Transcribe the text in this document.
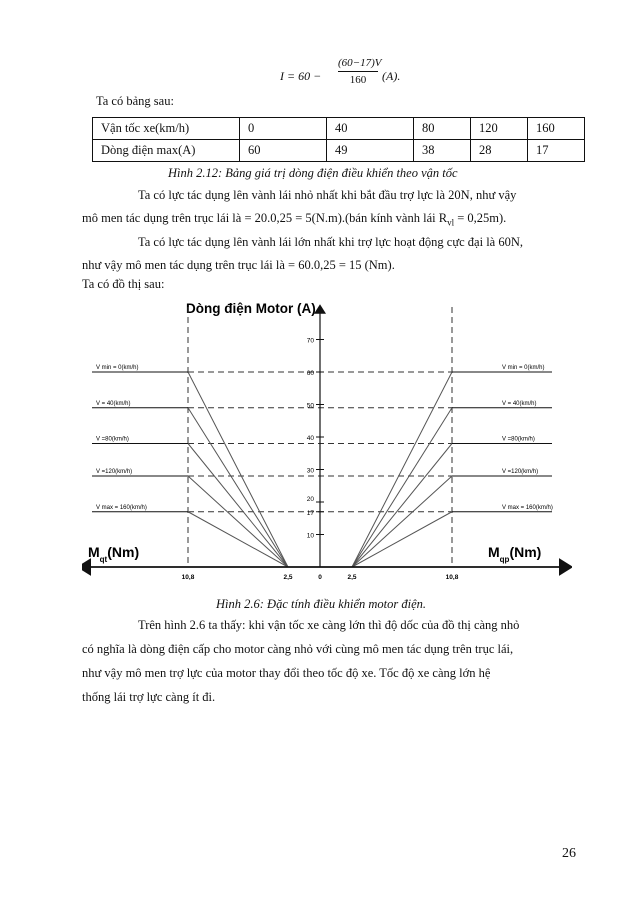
I = 60 −
(60−17)V
160	(A).
Ta có bảng sau:
Vận tốc xe(km/h)	0	40	80	120	160
Dòng điện max(A)	60	49	38	28	17
Hình 2.12: Bảng giá trị dòng điện điều khiển theo vận tốc
Ta có lực tác dụng lên vành lái nhỏ nhất khi bắt đầu trợ lực là 20N, như vậy
mô men tác dụng trên trục lái là = 20.0,25 = 5(N.m).(bán kính vành lái $R_{vl} = 0,25m$).
Ta có lực tác dụng lên vành lái lớn nhất khi trợ lực hoạt động cực đại là 60N,
như vậy mô men tác dụng trên trục lái là = 60.0,25 = 15 (Nm).
Ta có đồ thị sau:
Dòng điện Motor (A)
70
60
50
40
30
20
17
10
V min = 0(km/h)	V min = 0(km/h)
V = 40(km/h)	V = 40(km/h)
V =80(km/h)	V =80(km/h)
V =120(km/h)	V =120(km/h)
V max = 160(km/h)	V max = 160(km/h)
10,8	2,5	0	2,5	10,8
$M_{qt}(Nm)$	$M_{qp}(Nm)$
Hình 2.6: Đặc tính điều khiển motor điện.
Trên hình 2.6 ta thấy: khi vận tốc xe càng lớn thì độ dốc của đồ thị càng nhỏ
có nghĩa là dòng điện cấp cho motor càng nhỏ với cùng mô men tác dụng trên trục lái,
như vậy mô men trợ lực của motor thay đổi theo tốc độ xe. Tốc độ xe càng lớn hệ
thống lái trợ lực càng ít đi.
26
